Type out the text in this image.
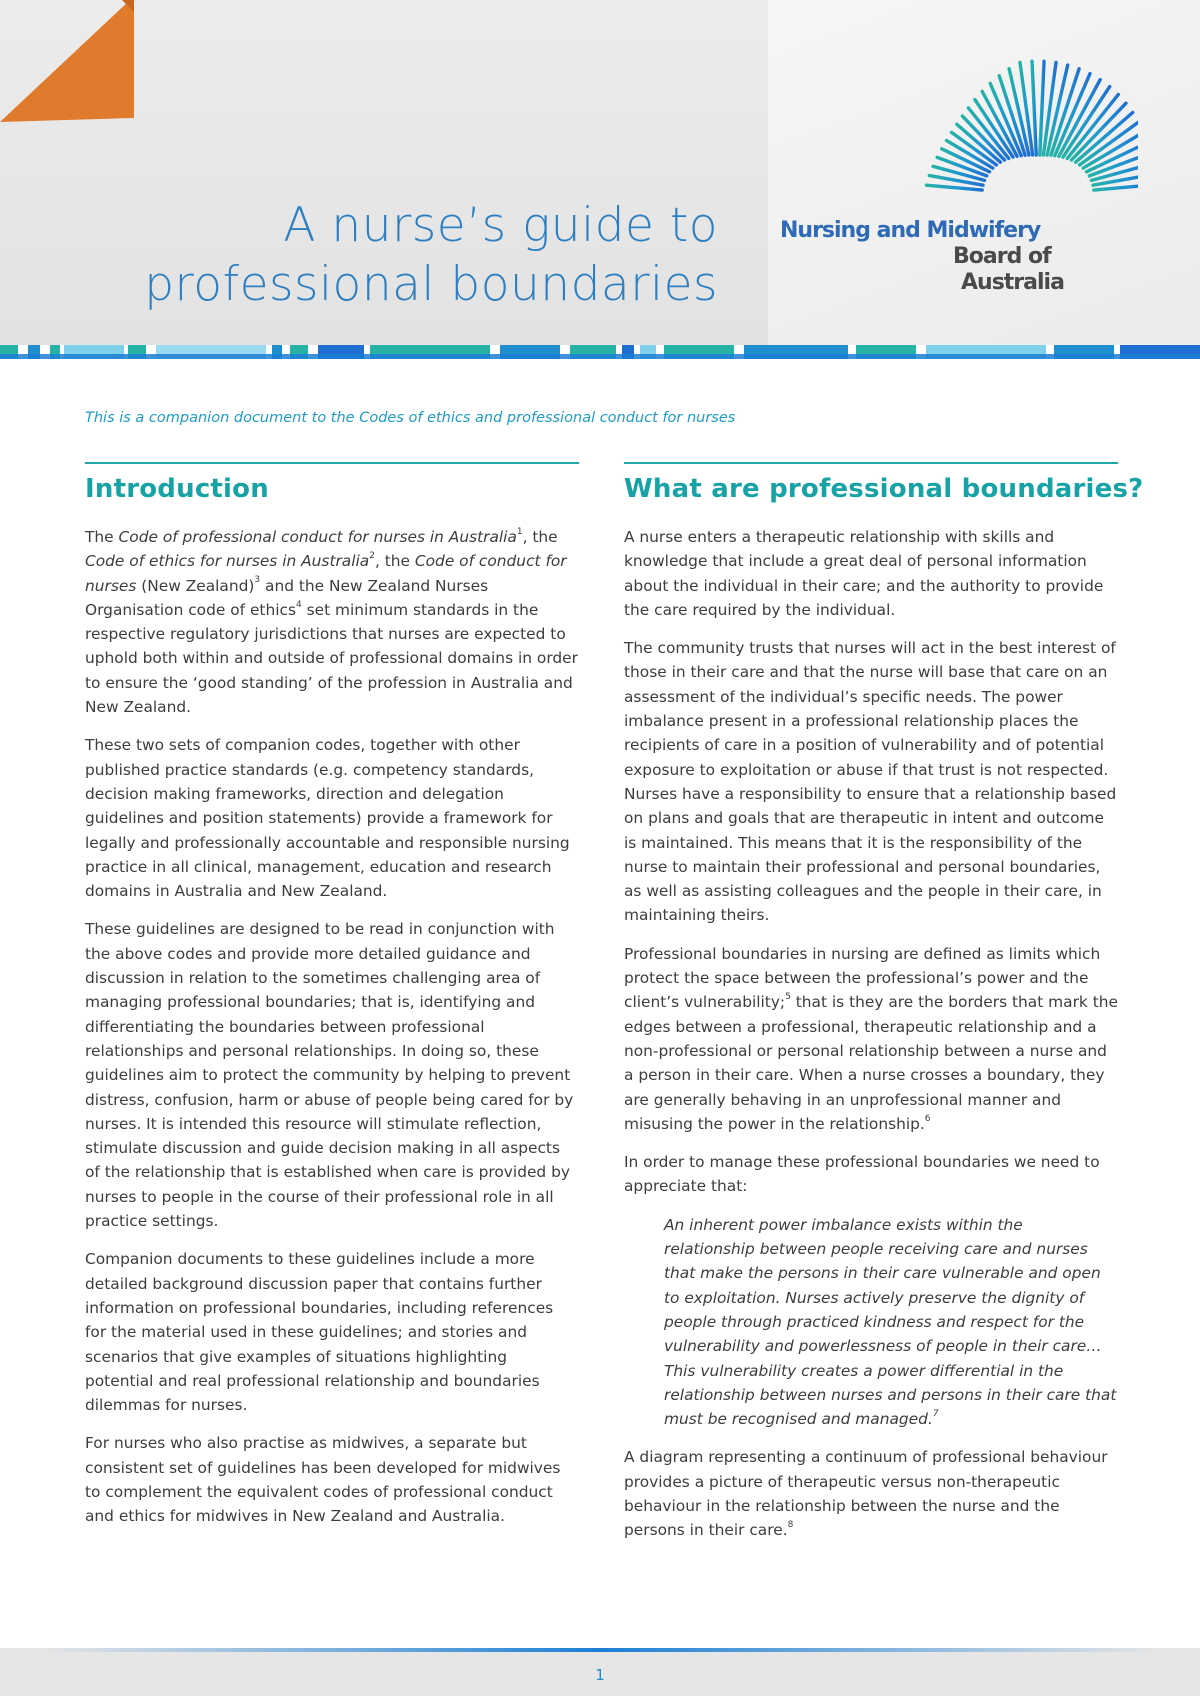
A nurse’s guide to
professional boundaries
Nursing and Midwifery
Board of
Australia
This is a companion document to the Codes of ethics and professional conduct for nurses
Introduction

The Code of professional conduct for nurses in Australia$^1$, the Code of ethics for nurses in Australia$^2$, the Code of conduct for nurses (New Zealand)$^3$ and the New Zealand Nurses Organisation code of ethics$^4$ set minimum standards in the respective regulatory jurisdictions that nurses are expected to uphold both within and outside of professional domains in order to ensure the ‘good standing’ of the profession in Australia and New Zealand.

These two sets of companion codes, together with other published practice standards (e.g. competency standards, decision making frameworks, direction and delegation guidelines and position statements) provide a framework for legally and professionally accountable and responsible nursing practice in all clinical, management, education and research domains in Australia and New Zealand.

These guidelines are designed to be read in conjunction with the above codes and provide more detailed guidance and discussion in relation to the sometimes challenging area of managing professional boundaries; that is, identifying and differentiating the boundaries between professional relationships and personal relationships. In doing so, these guidelines aim to protect the community by helping to prevent distress, confusion, harm or abuse of people being cared for by nurses. It is intended this resource will stimulate reflection, stimulate discussion and guide decision making in all aspects of the relationship that is established when care is provided by nurses to people in the course of their professional role in all practice settings.

Companion documents to these guidelines include a more detailed background discussion paper that contains further information on professional boundaries, including references for the material used in these guidelines; and stories and scenarios that give examples of situations highlighting potential and real professional relationship and boundaries dilemmas for nurses.

For nurses who also practise as midwives, a separate but consistent set of guidelines has been developed for midwives to complement the equivalent codes of professional conduct and ethics for midwives in New Zealand and Australia.

What are professional boundaries?

A nurse enters a therapeutic relationship with skills and knowledge that include a great deal of personal information about the individual in their care; and the authority to provide the care required by the individual.

The community trusts that nurses will act in the best interest of those in their care and that the nurse will base that care on an assessment of the individual’s specific needs. The power imbalance present in a professional relationship places the recipients of care in a position of vulnerability and of potential exposure to exploitation or abuse if that trust is not respected. Nurses have a responsibility to ensure that a relationship based on plans and goals that are therapeutic in intent and outcome is maintained. This means that it is the responsibility of the nurse to maintain their professional and personal boundaries, as well as assisting colleagues and the people in their care, in maintaining theirs.

Professional boundaries in nursing are defined as limits which protect the space between the professional’s power and the client’s vulnerability;$^5$ that is they are the borders that mark the edges between a professional, therapeutic relationship and a non-professional or personal relationship between a nurse and a person in their care. When a nurse crosses a boundary, they are generally behaving in an unprofessional manner and misusing the power in the relationship.$^6$

In order to manage these professional boundaries we need to appreciate that:

An inherent power imbalance exists within the relationship between people receiving care and nurses that make the persons in their care vulnerable and open to exploitation. Nurses actively preserve the dignity of people through practiced kindness and respect for the vulnerability and powerlessness of people in their care… This vulnerability creates a power differential in the relationship between nurses and persons in their care that must be recognised and managed.$^7$

A diagram representing a continuum of professional behaviour provides a picture of therapeutic versus non-therapeutic behaviour in the relationship between the nurse and the persons in their care.$^8$

1
